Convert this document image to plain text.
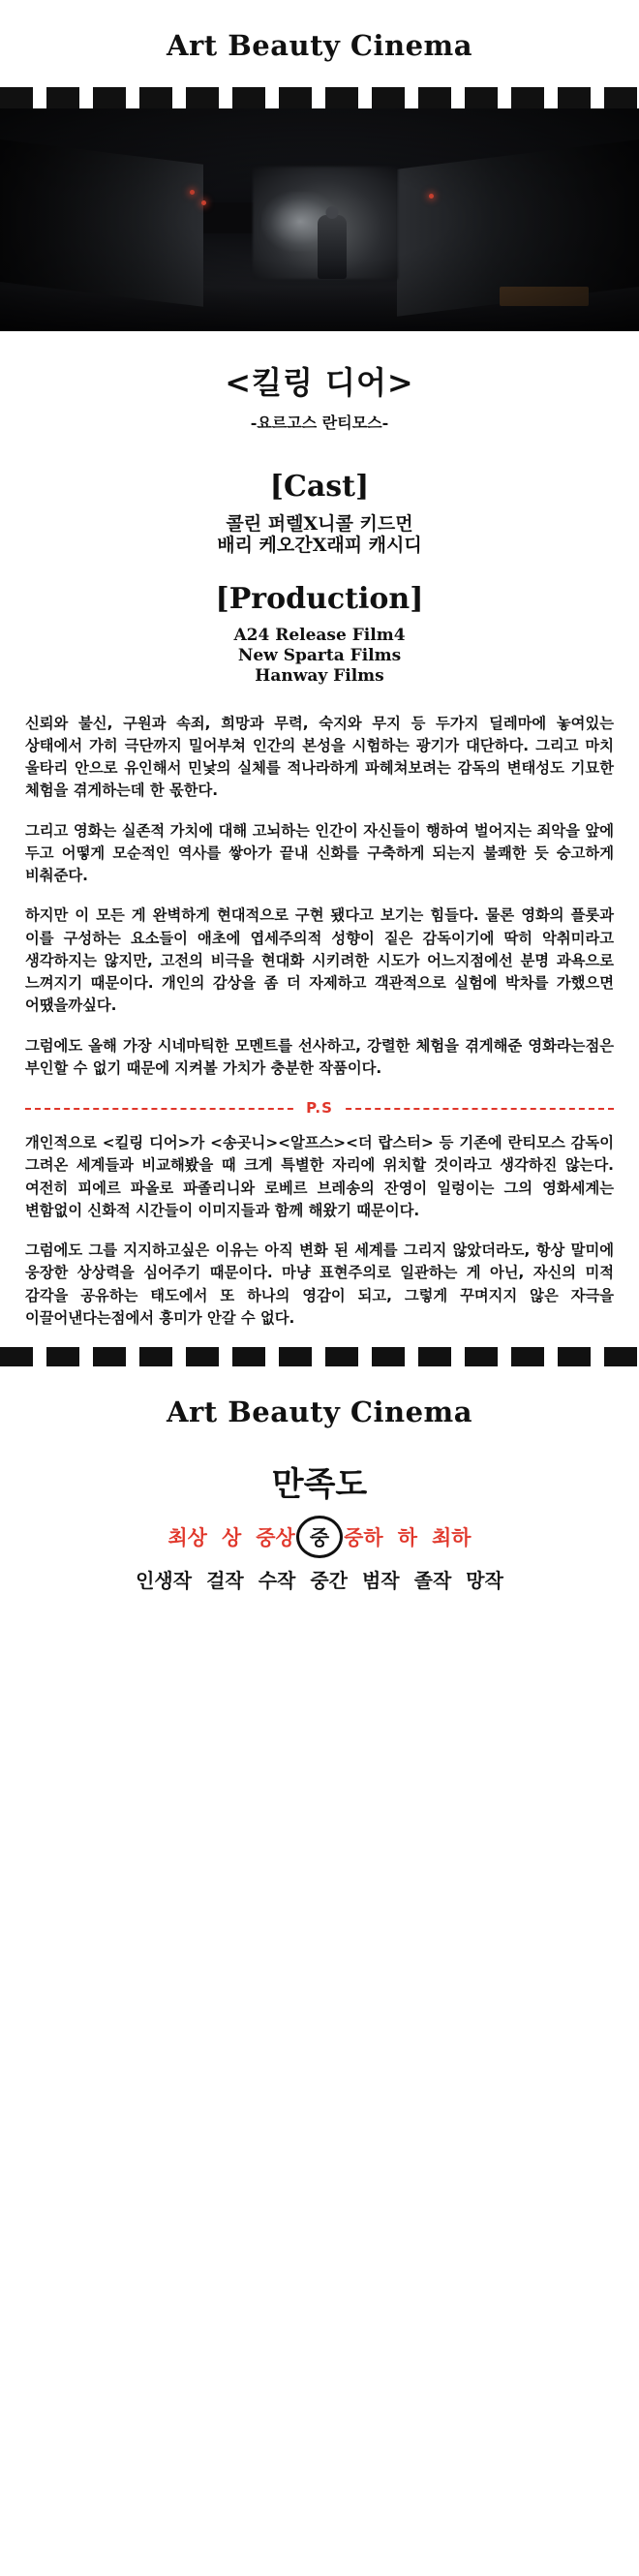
Art Beauty Cinema
<킬링 디어>
-요르고스 란티모스-
[Cast]
콜린 퍼렐X니콜 키드먼
배리 케오간X래피 캐시디
[Production]
A24 Release Film4
New Sparta Films
Hanway Films

신뢰와 불신, 구원과 속죄, 희망과 무력, 숙지와 무지 등 두가지 딜레마에 놓여있는 상태에서 가히 극단까지 밀어부쳐 인간의 본성을 시험하는 광기가 대단하다. 그리고 마치 울타리 안으로 유인해서 민낯의 실체를 적나라하게 파헤쳐보려는 감독의 변태성도 기묘한 체험을 겪게하는데 한 몫한다.

그리고 영화는 실존적 가치에 대해 고뇌하는 인간이 자신들이 행하여 벌어지는 죄악을 앞에 두고 어떻게 모순적인 역사를 쌓아가 끝내 신화를 구축하게 되는지 불쾌한 듯 숭고하게 비춰준다.

하지만 이 모든 게 완벽하게 현대적으로 구현 됐다고 보기는 힘들다. 물론 영화의 플롯과 이를 구성하는 요소들이 애초에 엽세주의적 성향이 짙은 감독이기에 딱히 악취미라고 생각하지는 않지만, 고전의 비극을 현대화 시키려한 시도가 어느지점에선 분명 과욕으로 느껴지기 때문이다. 개인의 감상을 좀 더 자제하고 객관적으로 실험에 박차를 가했으면 어땠을까싶다.

그럼에도 올해 가장 시네마틱한 모멘트를 선사하고, 강렬한 체험을 겪게해준 영화라는점은 부인할 수 없기 때문에 지켜볼 가치가 충분한 작품이다.

P.S

개인적으로 <킬링 디어>가 <송곳니><알프스><더 랍스터> 등 기존에 란티모스 감독이 그려온 세계들과 비교해봤을 때 크게 특별한 자리에 위치할 것이라고 생각하진 않는다. 여전히 피에르 파올로 파졸리니와 로베르 브레송의 잔영이 일렁이는 그의 영화세계는 변함없이 신화적 시간들이 이미지들과 함께 해왔기 때문이다.

그럼에도 그를 지지하고싶은 이유는 아직 변화 된 세계를 그리지 않았더라도, 항상 말미에 웅장한 상상력을 심어주기 때문이다. 마냥 표현주의로 일관하는 게 아닌, 자신의 미적 감각을 공유하는 태도에서 또 하나의 영감이 되고, 그렇게 꾸며지지 않은 자극을 이끌어낸다는점에서 흥미가 안갈 수 없다.

Art Beauty Cinema
만족도
최상 상 중상 중 중하 하 최하
인생작 걸작 수작 중간 범작 졸작 망작
